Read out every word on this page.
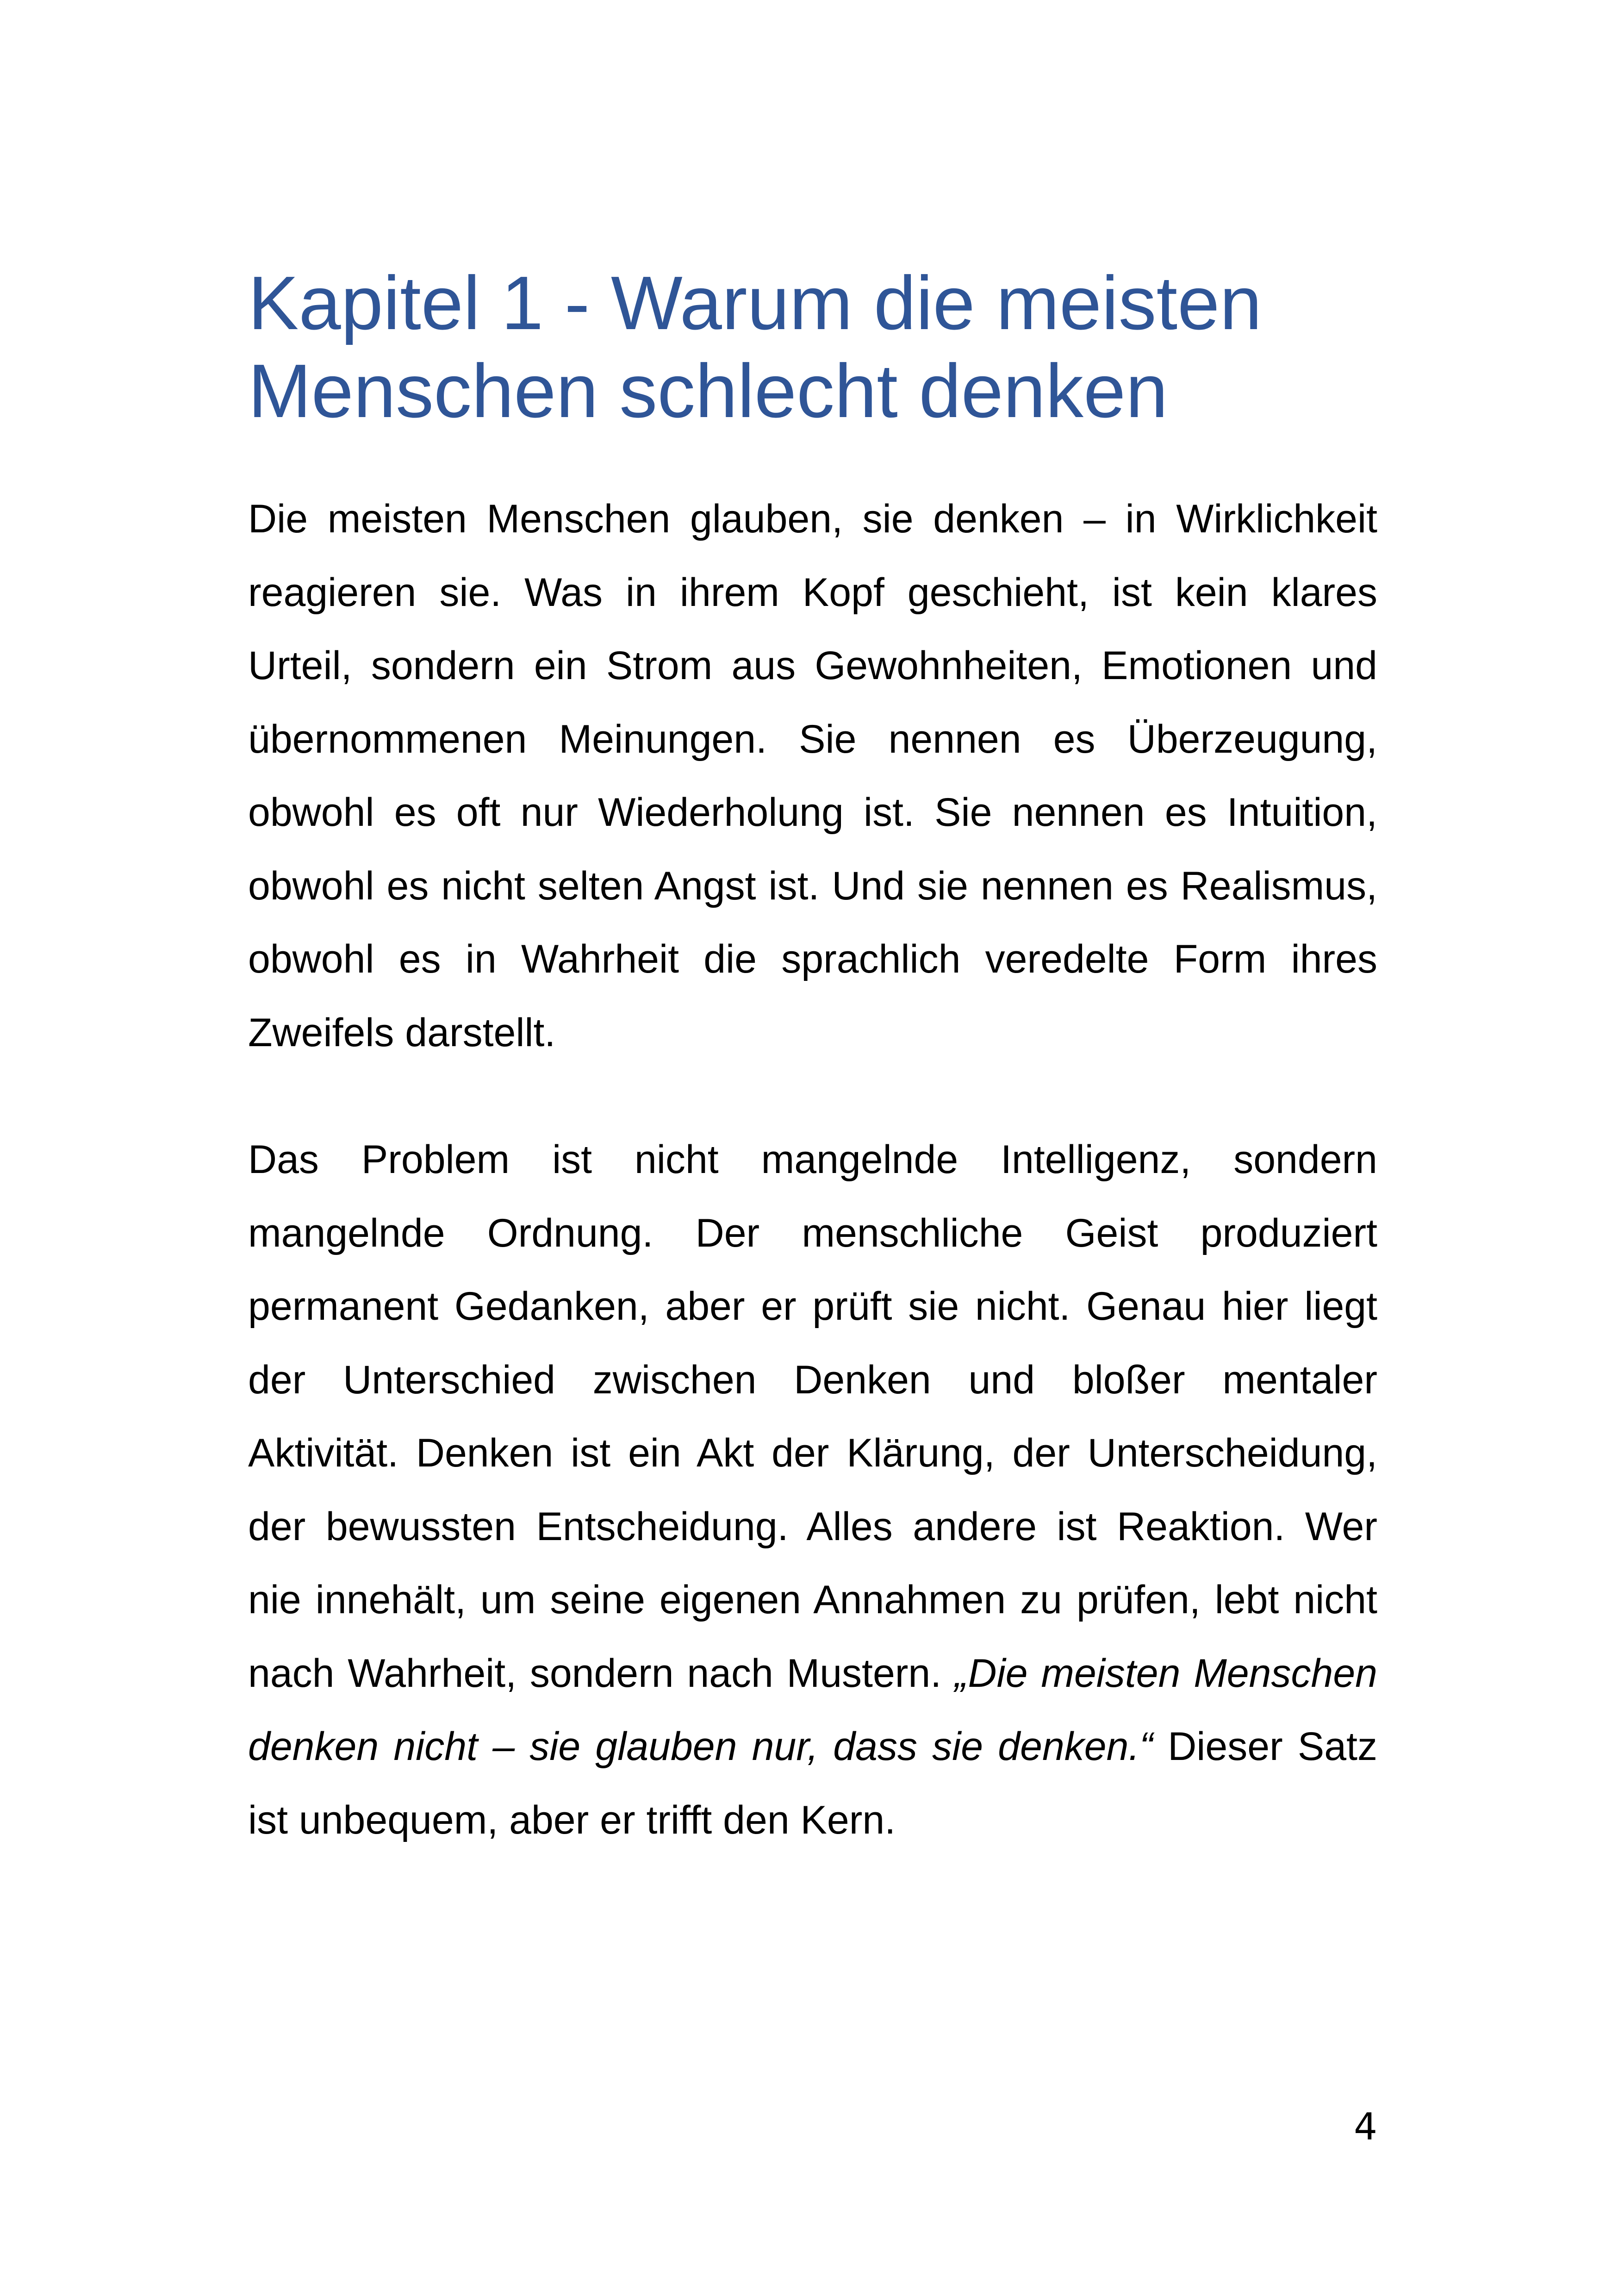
Kapitel 1 - Warum die meisten Menschen schlecht denken

Die meisten Menschen glauben, sie denken – in Wirklichkeit reagieren sie. Was in ihrem Kopf geschieht, ist kein klares Urteil, sondern ein Strom aus Gewohnheiten, Emotionen und übernommenen Meinungen. Sie nennen es Überzeugung, obwohl es oft nur Wiederholung ist. Sie nennen es Intuition, obwohl es nicht selten Angst ist. Und sie nennen es Realismus, obwohl es in Wahrheit die sprachlich veredelte Form ihres Zweifels darstellt.

Das Problem ist nicht mangelnde Intelligenz, sondern mangelnde Ordnung. Der menschliche Geist produziert permanent Gedanken, aber er prüft sie nicht. Genau hier liegt der Unterschied zwischen Denken und bloßer mentaler Aktivität. Denken ist ein Akt der Klärung, der Unterscheidung, der bewussten Entscheidung. Alles andere ist Reaktion. Wer nie innehält, um seine eigenen Annahmen zu prüfen, lebt nicht nach Wahrheit, sondern nach Mustern. „Die meisten Menschen denken nicht – sie glauben nur, dass sie denken.“ Dieser Satz ist unbequem, aber er trifft den Kern.

4
